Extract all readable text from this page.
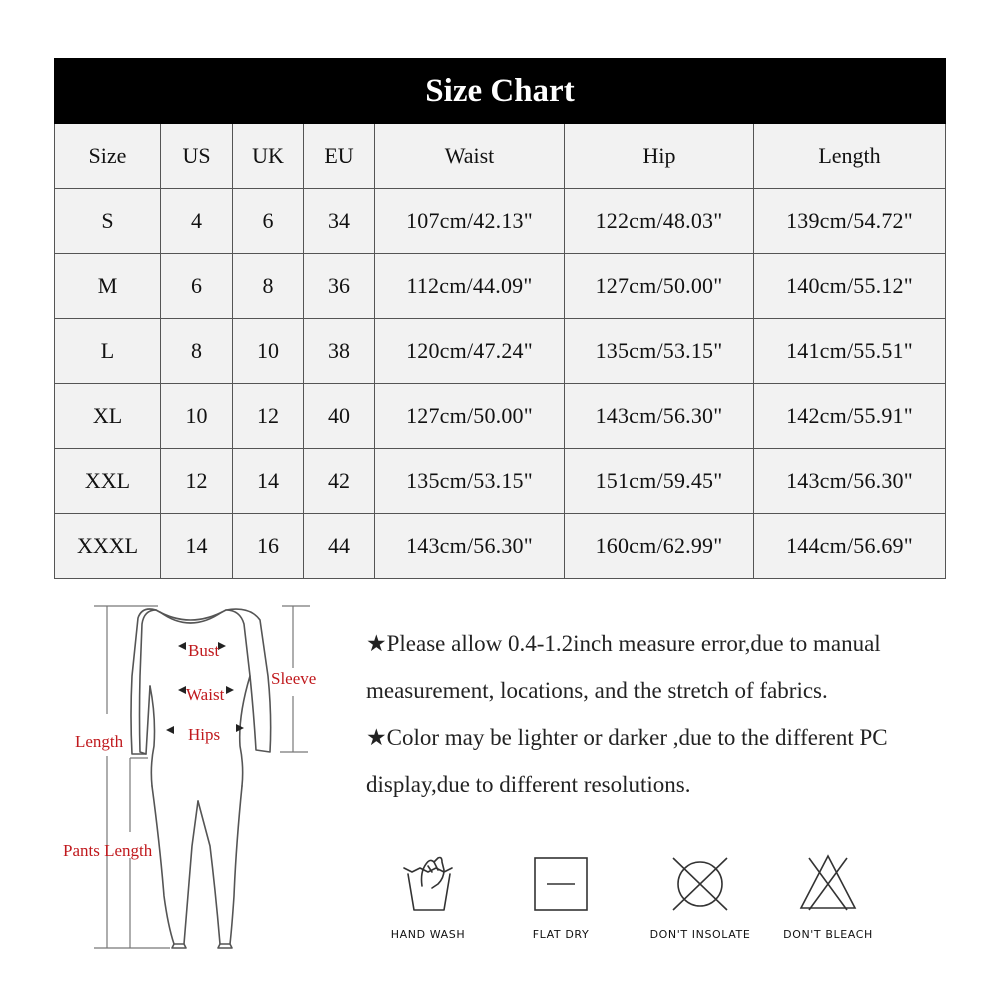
Size Chart						
Size	US	UK	EU	Waist	Hip	Length
S	4	6	34	107cm/42.13"	122cm/48.03"	139cm/54.72"
M	6	8	36	112cm/44.09"	127cm/50.00"	140cm/55.12"
L	8	10	38	120cm/47.24"	135cm/53.15"	141cm/55.51"
XL	10	12	40	127cm/50.00"	143cm/56.30"	142cm/55.91"
XXL	12	14	42	135cm/53.15"	151cm/59.45"	143cm/56.30"
XXXL	14	16	44	143cm/56.30"	160cm/62.99"	144cm/56.69"
Bust
Waist
Hips
Sleeve
Length
Pants Length

★Please allow 0.4-1.2inch measure error,due to manual measurement, locations, and the stretch of fabrics.

★Color may be lighter or darker ,due to the different PC display,due to different resolutions.

HAND WASH	FLAT DRY	DON'T INSOLATE	DON'T BLEACH
